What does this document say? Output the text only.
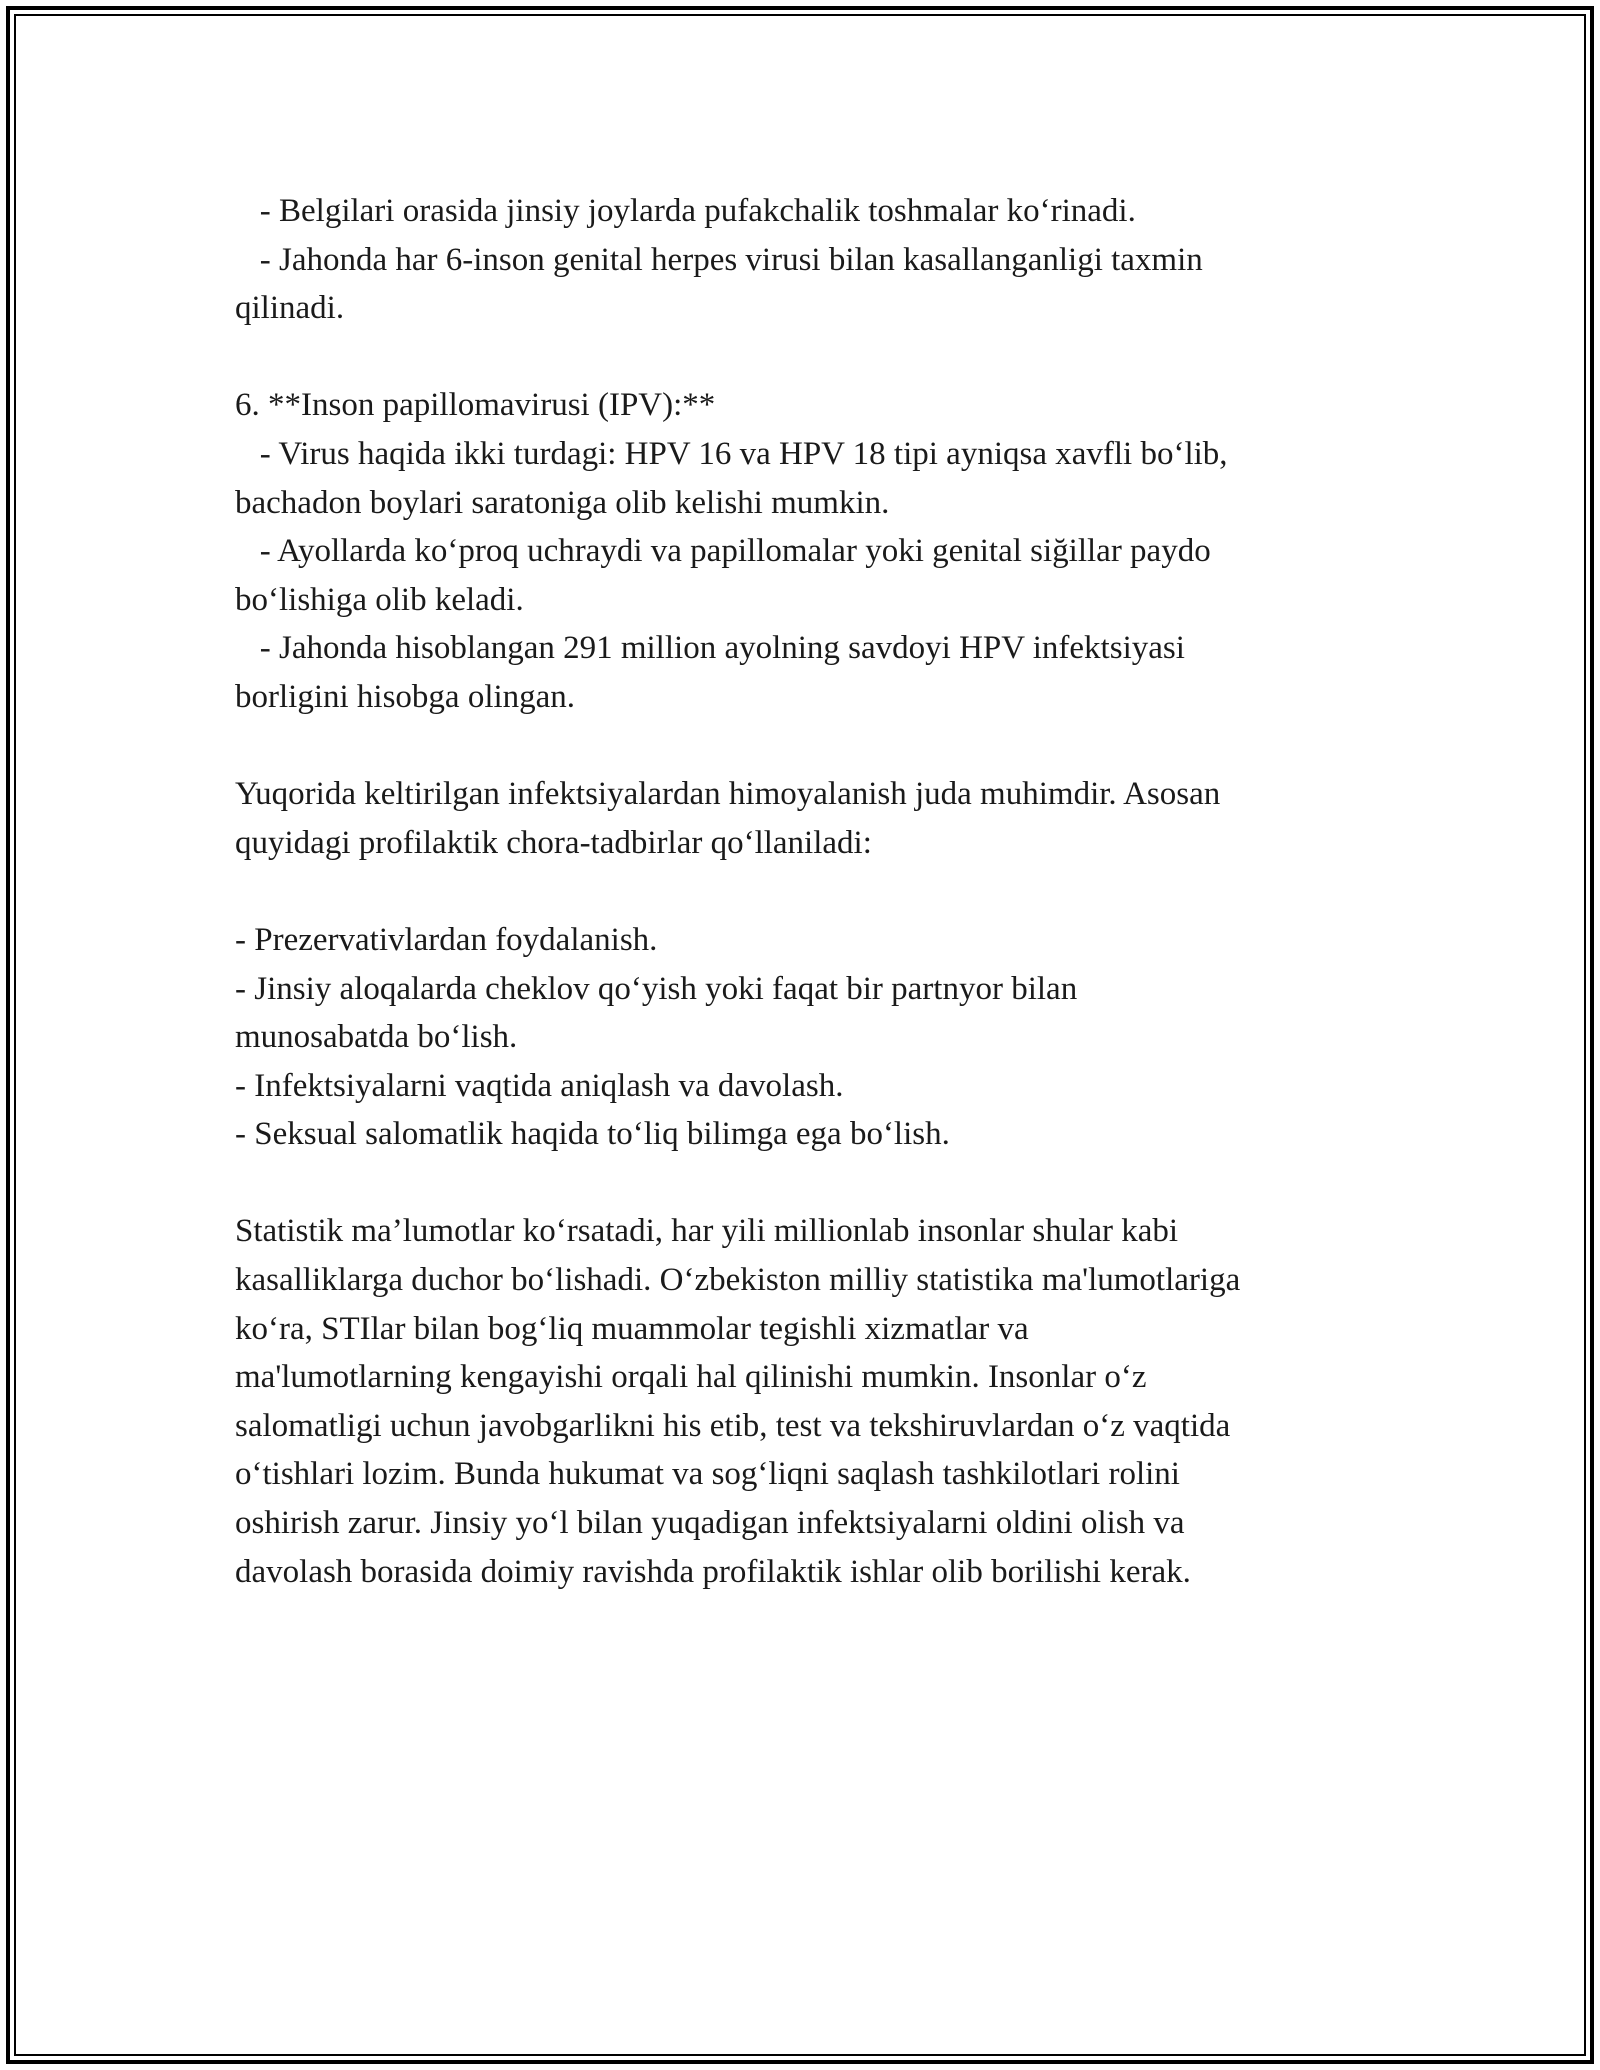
- Belgilari orasida jinsiy joylarda pufakchalik toshmalar ko‘rinadi.
- Jahonda har 6-inson genital herpes virusi bilan kasallanganligi taxmin
qilinadi.
6. **Inson papillomavirusi (IPV):**
- Virus haqida ikki turdagi: HPV 16 va HPV 18 tipi ayniqsa xavfli bo‘lib,
bachadon boylari saratoniga olib kelishi mumkin.
- Ayollarda ko‘proq uchraydi va papillomalar yoki genital siğillar paydo
bo‘lishiga olib keladi.
- Jahonda hisoblangan 291 million ayolning savdoyi HPV infektsiyasi
borligini hisobga olingan.
Yuqorida keltirilgan infektsiyalardan himoyalanish juda muhimdir. Asosan
quyidagi profilaktik chora-tadbirlar qo‘llaniladi:
- Prezervativlardan foydalanish.
- Jinsiy aloqalarda cheklov qo‘yish yoki faqat bir partnyor bilan
munosabatda bo‘lish.
- Infektsiyalarni vaqtida aniqlash va davolash.
- Seksual salomatlik haqida to‘liq bilimga ega bo‘lish.
Statistik ma’lumotlar ko‘rsatadi, har yili millionlab insonlar shular kabi
kasalliklarga duchor bo‘lishadi. O‘zbekiston milliy statistika ma'lumotlariga
ko‘ra, STIlar bilan bog‘liq muammolar tegishli xizmatlar va
ma'lumotlarning kengayishi orqali hal qilinishi mumkin. Insonlar o‘z
salomatligi uchun javobgarlikni his etib, test va tekshiruvlardan o‘z vaqtida
o‘tishlari lozim. Bunda hukumat va sog‘liqni saqlash tashkilotlari rolini
oshirish zarur. Jinsiy yo‘l bilan yuqadigan infektsiyalarni oldini olish va
davolash borasida doimiy ravishda profilaktik ishlar olib borilishi kerak.
